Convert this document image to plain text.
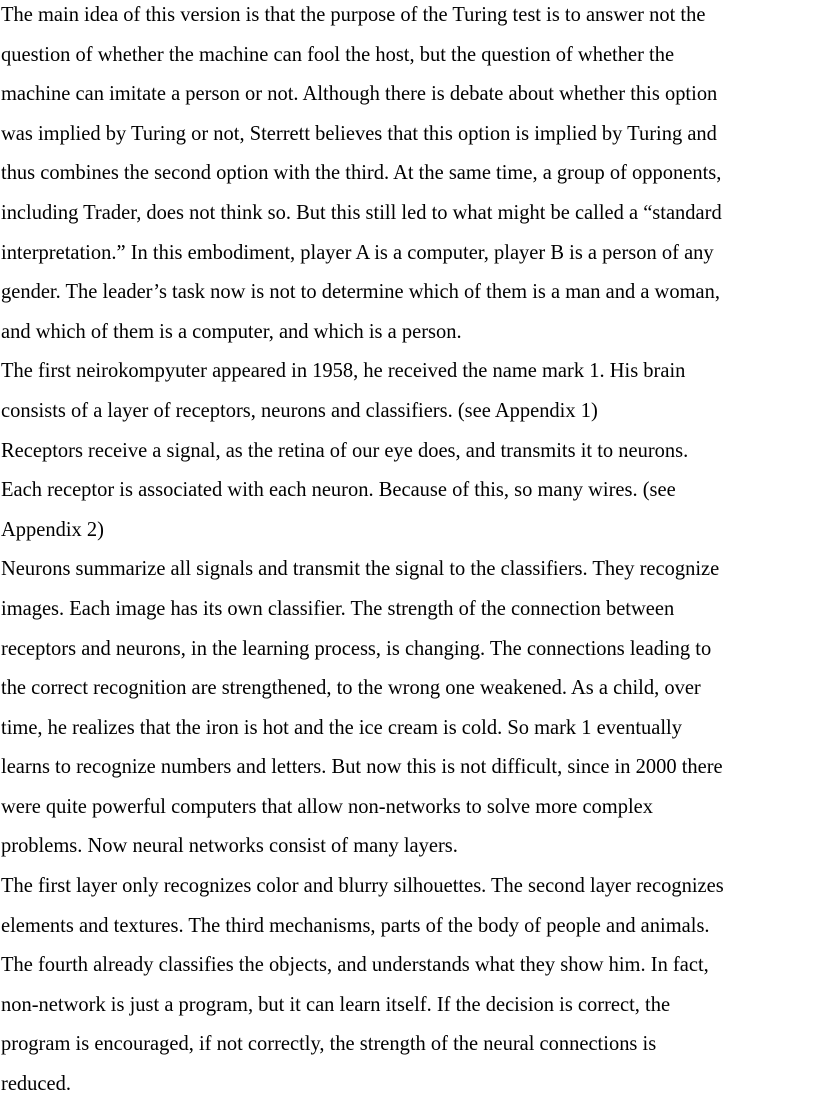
The main idea of this version is that the purpose of the Turing test is to answer not the
question of whether the machine can fool the host, but the question of whether the
machine can imitate a person or not. Although there is debate about whether this option
was implied by Turing or not, Sterrett believes that this option is implied by Turing and
thus combines the second option with the third. At the same time, a group of opponents,
including Trader, does not think so. But this still led to what might be called a “standard
interpretation.” In this embodiment, player A is a computer, player B is a person of any
gender. The leader’s task now is not to determine which of them is a man and a woman,
and which of them is a computer, and which is a person.
The first neirokompyuter appeared in 1958, he received the name mark 1. His brain
consists of a layer of receptors, neurons and classifiers. (see Appendix 1)
Receptors receive a signal, as the retina of our eye does, and transmits it to neurons.
Each receptor is associated with each neuron. Because of this, so many wires. (see
Appendix 2)
Neurons summarize all signals and transmit the signal to the classifiers. They recognize
images. Each image has its own classifier. The strength of the connection between
receptors and neurons, in the learning process, is changing. The connections leading to
the correct recognition are strengthened, to the wrong one weakened. As a child, over
time, he realizes that the iron is hot and the ice cream is cold. So mark 1 eventually
learns to recognize numbers and letters. But now this is not difficult, since in 2000 there
were quite powerful computers that allow non-networks to solve more complex
problems. Now neural networks consist of many layers.
The first layer only recognizes color and blurry silhouettes. The second layer recognizes
elements and textures. The third mechanisms, parts of the body of people and animals.
The fourth already classifies the objects, and understands what they show him. In fact,
non-network is just a program, but it can learn itself. If the decision is correct, the
program is encouraged, if not correctly, the strength of the neural connections is
reduced.
